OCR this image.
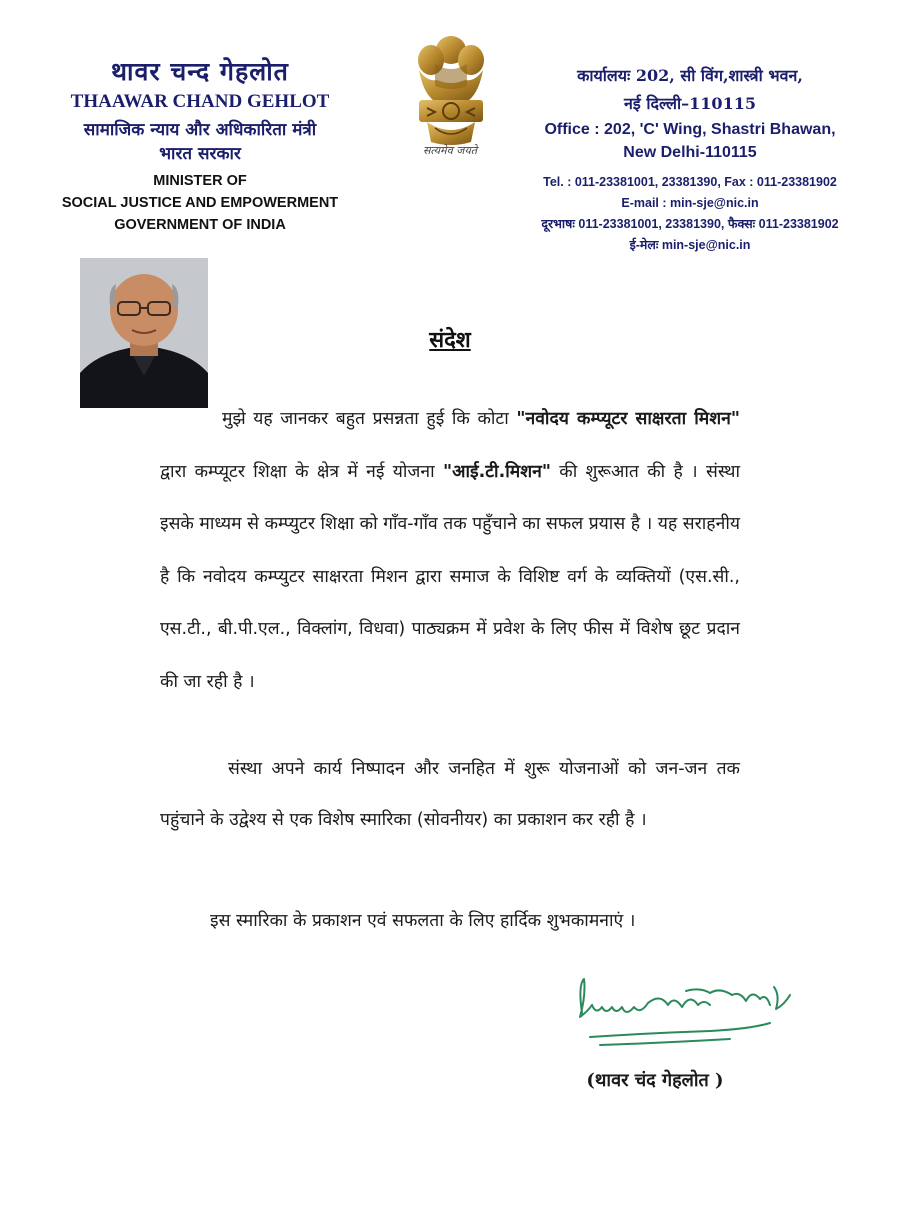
थावर चन्द गेहलोत
THAAWAR CHAND GEHLOT
सामाजिक न्याय और अधिकारिता मंत्री
भारत सरकार
MINISTER OF
SOCIAL JUSTICE AND EMPOWERMENT
GOVERNMENT OF INDIA
सत्यमेव जयते
कार्यालयः 202, सी विंग,शास्त्री भवन,
नई दिल्ली–110115
Office : 202, 'C' Wing, Shastri Bhawan,
New Delhi-110115
Tel. : 011-23381001, 23381390, Fax : 011-23381902
E-mail : min-sje@nic.in
दूरभाषः 011-23381001, 23381390, फैक्सः 011-23381902
ई-मेलः min-sje@nic.in
संदेश
मुझे यह जानकर बहुत प्रसन्नता हुई कि कोटा "नवोदय कम्प्यूटर साक्षरता मिशन" द्वारा कम्प्यूटर शिक्षा के क्षेत्र में नई योजना "आई.टी.मिशन" की शुरूआत की है । संस्था इसके माध्यम से कम्प्युटर शिक्षा को गाँव-गाँव तक पहुँचाने का सफल प्रयास है । यह सराहनीय है कि नवोदय कम्प्युटर साक्षरता मिशन द्वारा समाज के विशिष्ट वर्ग के व्यक्तियों (एस.सी., एस.टी., बी.पी.एल., विक्लांग, विधवा) पाठ्यक्रम में प्रवेश के लिए फीस में विशेष छूट प्रदान की जा रही है ।
संस्था अपने कार्य निष्पादन और जनहित में शुरू योजनाओं को जन-जन तक पहुंचाने के उद्वेश्य से एक विशेष स्मारिका (सोवनीयर) का प्रकाशन कर रही है ।
इस स्मारिका के प्रकाशन एवं सफलता के लिए हार्दिक शुभकामनाएं ।
(थावर चंद गेहलोत )
